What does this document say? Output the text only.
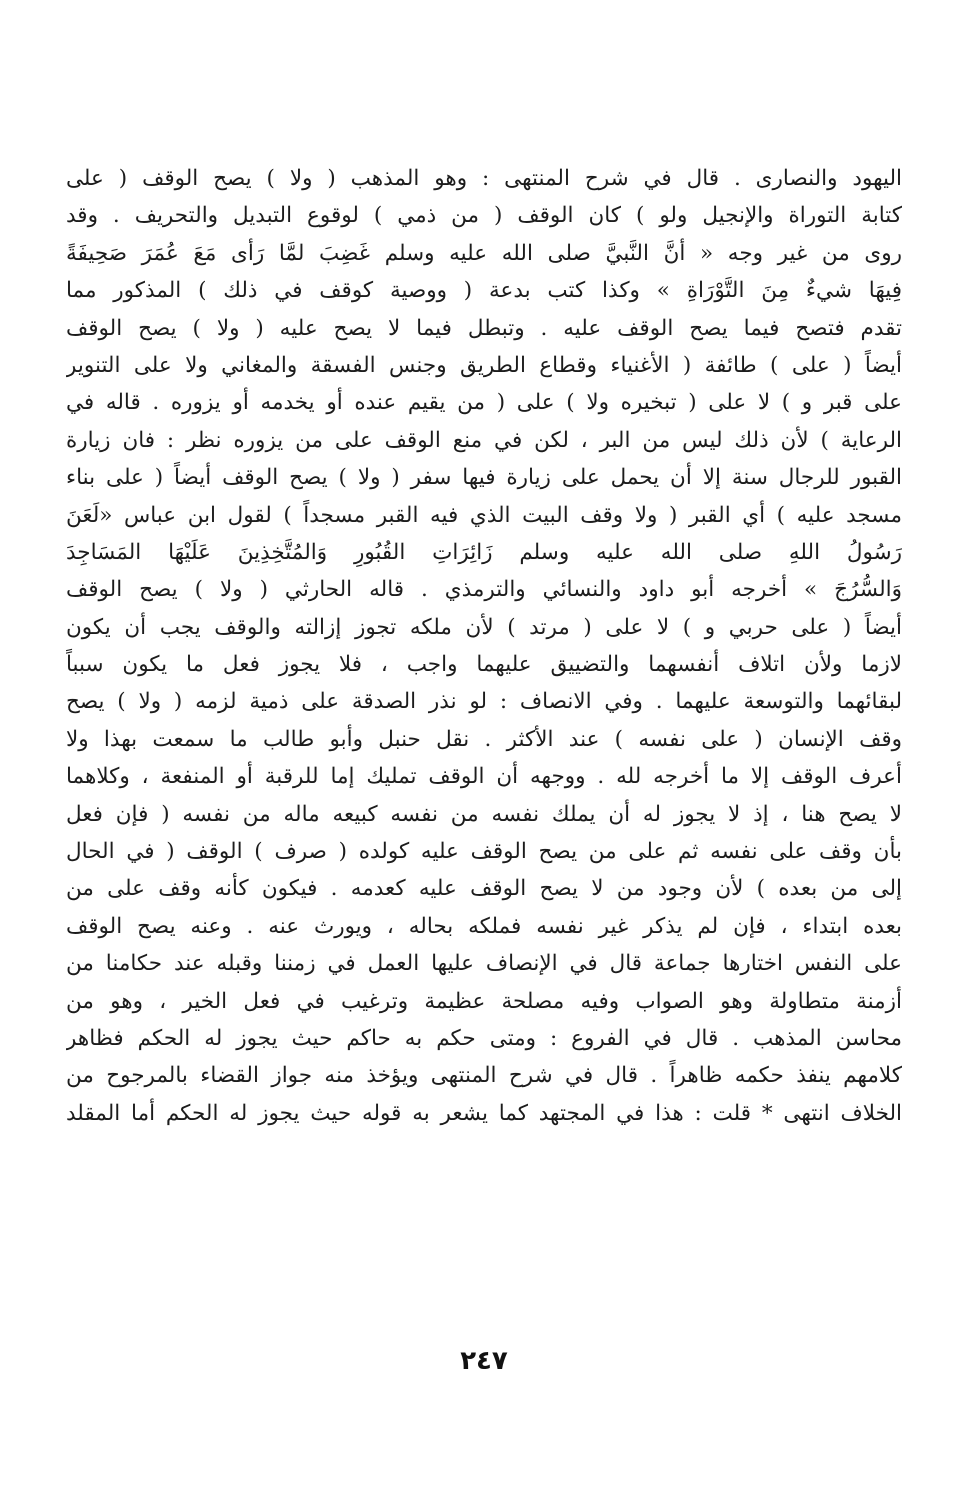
اليهود والنصارى . قال في شرح المنتهى : وهو المذهب ( ولا ) يصح الوقف ( على
كتابة التوراة والإنجيل ولو ) كان الوقف ( من ذمي ) لوقوع التبديل والتحريف . وقد
روى من غير وجه « أنَّ النَّبيَّ صلى الله عليه وسلم غَضِبَ لمَّا رَأى مَعَ عُمَرَ صَحِيفَةً
فِيهَا شيءٌ مِنَ التَّوْرَاةِ » وكذا كتب بدعة ( ووصية كوقف في ذلك ) المذكور مما
تقدم فتصح فيما يصح الوقف عليه . وتبطل فيما لا يصح عليه ( ولا ) يصح الوقف
أيضاً ( على ) طائفة ( الأغنياء وقطاع الطريق وجنس الفسقة والمغاني ولا على التنوير
على قبر و ) لا على ( تبخيره ولا ) على ( من يقيم عنده أو يخدمه أو يزوره . قاله في
الرعاية ) لأن ذلك ليس من البر ، لكن في منع الوقف على من يزوره نظر : فان زيارة
القبور للرجال سنة إلا أن يحمل على زيارة فيها سفر ( ولا ) يصح الوقف أيضاً ( على بناء
مسجد عليه ) أي القبر ( ولا وقف البيت الذي فيه القبر مسجداً ) لقول ابن عباس «لَعَنَ
رَسُولُ اللهِ صلى الله عليه وسلم زَائِرَاتِ القُبُورِ وَالمُتَّخِذِينَ عَلَيْهَا المَسَاجِدَ
وَالسُّرُجَ » أخرجه أبو داود والنسائي والترمذي . قاله الحارثي ( ولا ) يصح الوقف
أيضاً ( على حربي و ) لا على ( مرتد ) لأن ملكه تجوز إزالته والوقف يجب أن يكون
لازما ولأن اتلاف أنفسهما والتضييق عليهما واجب ، فلا يجوز فعل ما يكون سبباً
لبقائهما والتوسعة عليهما . وفي الانصاف : لو نذر الصدقة على ذمية لزمه ( ولا ) يصح
وقف الإنسان ( على نفسه ) عند الأكثر . نقل حنبل وأبو طالب ما سمعت بهذا ولا
أعرف الوقف إلا ما أخرجه لله . ووجهه أن الوقف تمليك إما للرقبة أو المنفعة ، وكلاهما
لا يصح هنا ، إذ لا يجوز له أن يملك نفسه من نفسه كبيعه ماله من نفسه ( فإن فعل
بأن وقف على نفسه ثم على من يصح الوقف عليه كولده ( صرف ) الوقف ( في الحال
إلى من بعده ) لأن وجود من لا يصح الوقف عليه كعدمه . فيكون كأنه وقف على من
بعده ابتداء ، فإن لم يذكر غير نفسه فملكه بحاله ، ويورث عنه . وعنه يصح الوقف
على النفس اختارها جماعة قال في الإنصاف عليها العمل في زمننا وقبله عند حكامنا من
أزمنة متطاولة وهو الصواب وفيه مصلحة عظيمة وترغيب في فعل الخير ، وهو من
محاسن المذهب . قال في الفروع : ومتى حكم به حاكم حيث يجوز له الحكم فظاهر
كلامهم ينفذ حكمه ظاهراً . قال في شرح المنتهى ويؤخذ منه جواز القضاء بالمرجوح من
الخلاف انتهى * قلت : هذا في المجتهد كما يشعر به قوله حيث يجوز له الحكم أما المقلد
٢٤٧
